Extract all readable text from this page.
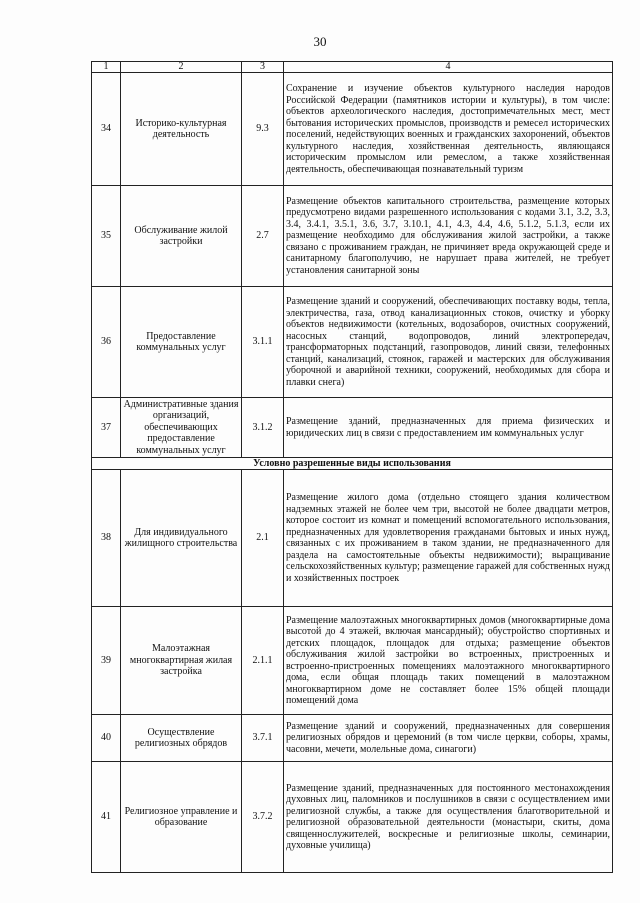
30
1	2	3	4
34	Историко-культурная деятельность	9.3	Сохранение и изучение объектов культурного наследия народов Российской Федерации (памятников истории и культуры), в том числе: объектов археологического наследия, достопримечательных мест, мест бытования исторических промыслов, производств и ремесел исторических поселений, недействующих военных и гражданских захоронений, объектов культурного наследия, хозяйственная деятельность, являющаяся историческим промыслом или ремеслом, а также хозяйственная деятельность, обеспечивающая познавательный туризм
35	Обслуживание жилой застройки	2.7	Размещение объектов капитального строительства, размещение которых предусмотрено видами разрешенного использования с кодами 3.1, 3.2, 3.3, 3.4, 3.4.1, 3.5.1, 3.6, 3.7, 3.10.1, 4.1, 4.3, 4.4, 4.6, 5.1.2, 5.1.3, если их размещение необходимо для обслуживания жилой застройки, а также связано с проживанием граждан, не причиняет вреда окружающей среде и санитарному благополучию, не нарушает права жителей, не требует установления санитарной зоны
36	Предоставление коммунальных услуг	3.1.1	Размещение зданий и сооружений, обеспечивающих поставку воды, тепла, электричества, газа, отвод канализационных стоков, очистку и уборку объектов недвижимости (котельных, водозаборов, очистных сооружений, насосных станций, водопроводов, линий электропередач, трансформаторных подстанций, газопроводов, линий связи, телефонных станций, канализаций, стоянок, гаражей и мастерских для обслуживания уборочной и аварийной техники, сооружений, необходимых для сбора и плавки снега)
37	Административные здания организаций, обеспечивающих предоставление коммунальных услуг	3.1.2	Размещение зданий, предназначенных для приема физических и юридических лиц в связи с предоставлением им коммунальных услуг
Условно разрешенные виды использования			
38	Для индивидуального жилищного строительства	2.1	Размещение жилого дома (отдельно стоящего здания количеством надземных этажей не более чем три, высотой не более двадцати метров, которое состоит из комнат и помещений вспомогательного использования, предназначенных для удовлетворения гражданами бытовых и иных нужд, связанных с их проживанием в таком здании, не предназначенного для раздела на самостоятельные объекты недвижимости); выращивание сельскохозяйственных культур; размещение гаражей для собственных нужд и хозяйственных построек
39	Малоэтажная многоквартирная жилая застройка	2.1.1	Размещение малоэтажных многоквартирных домов (многоквартирные дома высотой до 4 этажей, включая мансардный); обустройство спортивных и детских площадок, площадок для отдыха; размещение объектов обслуживания жилой застройки во встроенных, пристроенных и встроенно-пристроенных помещениях малоэтажного многоквартирного дома, если общая площадь таких помещений в малоэтажном многоквартирном доме не составляет более 15% общей площади помещений дома
40	Осуществление религиозных обрядов	3.7.1	Размещение зданий и сооружений, предназначенных для совершения религиозных обрядов и церемоний (в том числе церкви, соборы, храмы, часовни, мечети, молельные дома, синагоги)
41	Религиозное управление и образование	3.7.2	Размещение зданий, предназначенных для постоянного местонахождения духовных лиц, паломников и послушников в связи с осуществлением ими религиозной службы, а также для осуществления благотворительной и религиозной образовательной деятельности (монастыри, скиты, дома священнослужителей, воскресные и религиозные школы, семинарии, духовные училища)
